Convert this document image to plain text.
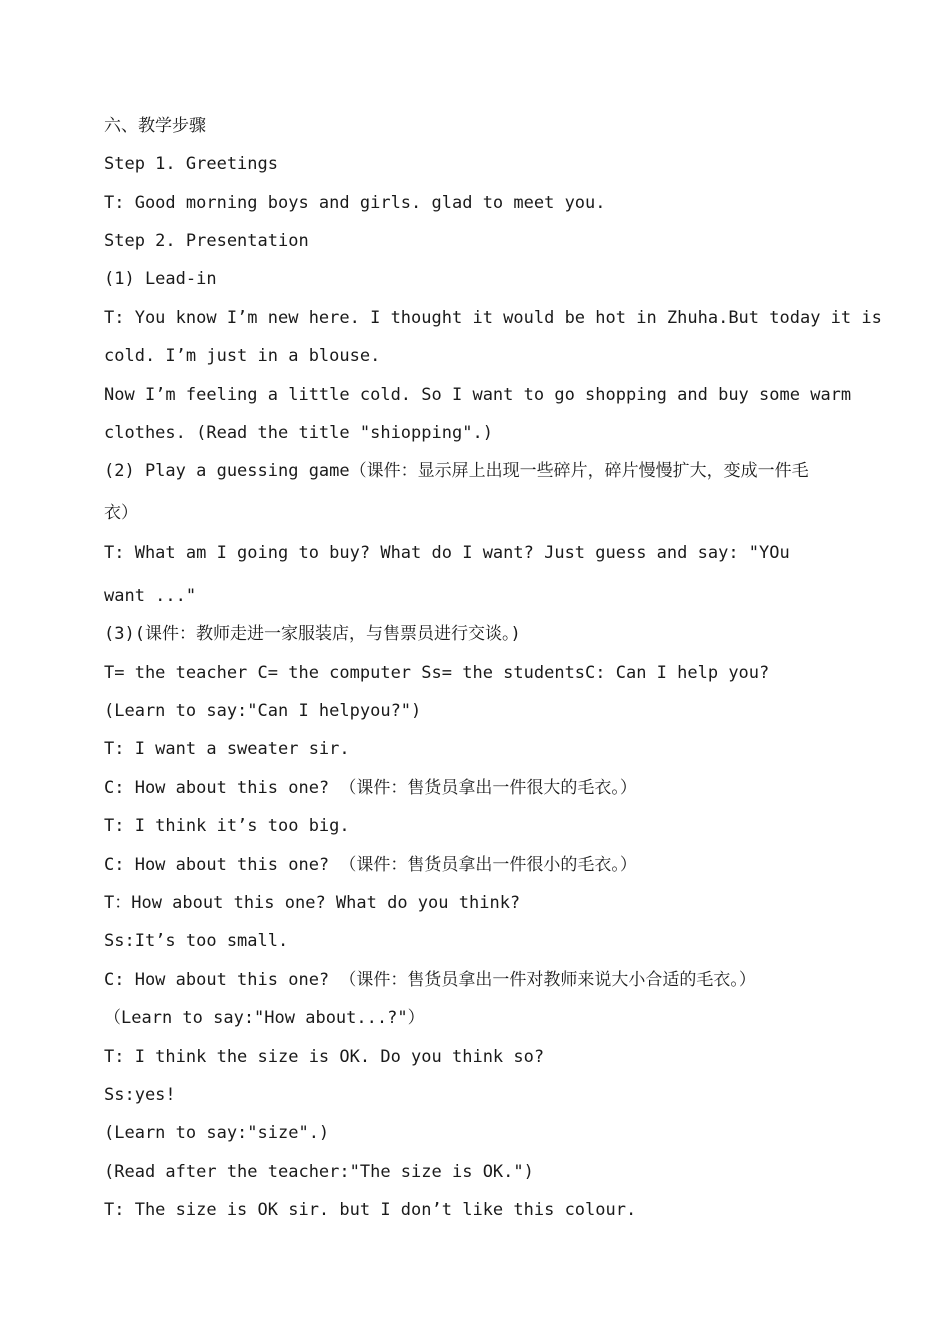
六、教学步骤
Step 1. Greetings
T: Good morning boys and girls. glad to meet you.
Step 2. Presentation
(1) Lead-in
T: You know I’m new here. I thought it would be hot in Zhuha.But today it is
cold. I’m just in a blouse.
Now I’m feeling a little cold. So I want to go shopping and buy some warm
clothes. (Read the title "shiopping".)
(2) Play a guessing game（课件：显示屏上出现一些碎片，碎片慢慢扩大，变成一件毛
衣）
T: What am I going to buy? What do I want? Just guess and say: "YOu
want ..."
(3)(课件：教师走进一家服装店，与售票员进行交谈。)
T= the teacher C= the computer Ss= the studentsC: Can I help you?
(Learn to say:"Can I helpyou?")
T: I want a sweater sir.
C: How about this one? （课件：售货员拿出一件很大的毛衣。）
T: I think it’s too big.
C: How about this one? （课件：售货员拿出一件很小的毛衣。）
T：How about this one? What do you think?
Ss:It’s too small.
C: How about this one? （课件：售货员拿出一件对教师来说大小合适的毛衣。）
（Learn to say:"How about...?"）
T: I think the size is OK. Do you think so?
Ss:yes!
(Learn to say:"size".)
(Read after the teacher:"The size is OK.")
T: The size is OK sir. but I don’t like this colour.
